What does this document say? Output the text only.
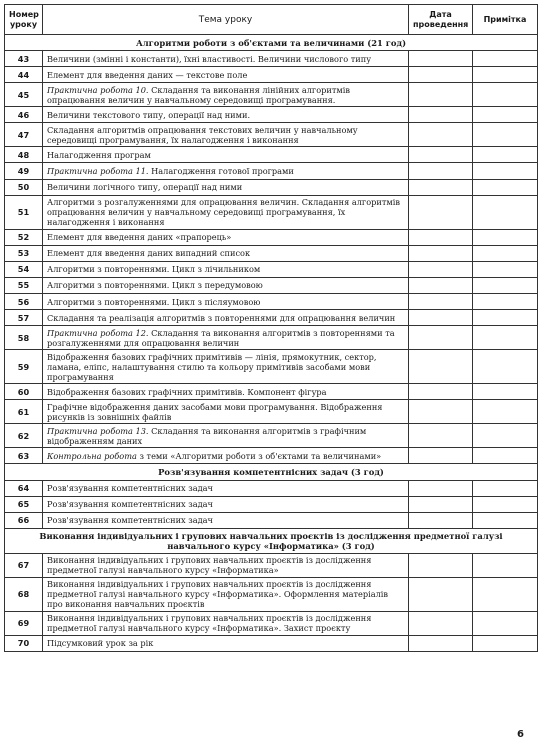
Номер уроку	Тема уроку	Дата проведення	Примітка
Алгоритми роботи з об'єктами та величинами (21 год)			
43	Величини (змінні і константи), їхні властивості. Величини числового типу		
44	Елемент для введення даних — текстове поле		
45	Практична робота 10. Складання та виконання лінійних алгоритмів опрацювання величин у навчальному середовищі програмування.		
46	Величини текстового типу, операції над ними.		
47	Складання алгоритмів опрацювання текстових величин у навчальному середовищі програмування, їх налагодження і виконання		
48	Налагодження програм		
49	Практична робота 11. Налагодження готової програми		
50	Величини логічного типу, операції над ними		
51	Алгоритми з розгалуженнями для опрацювання величин. Складання алгоритмів опрацювання величин у навчальному середовищі програмування, їх налагодження і виконання		
52	Елемент для введення даних «прапорець»		
53	Елемент для введення даних випадний список		
54	Алгоритми з повтореннями. Цикл з лічильником		
55	Алгоритми з повтореннями. Цикл з передумовою		
56	Алгоритми з повтореннями. Цикл з післяумовою		
57	Складання та реалізація алгоритмів з повтореннями для опрацювання величин		
58	Практична робота 12. Складання та виконання алгоритмів з повтореннями та розгалуженнями для опрацювання величин		
59	Відображення базових графічних примітивів — лінія, прямокутник, сектор, ламана, еліпс, налаштування стилю та кольору примітивів засобами мови програмування		
60	Відображення базових графічних примітивів. Компонент фігура		
61	Графічне відображення даних засобами мови програмування. Відображення рисунків із зовнішніх файлів		
62	Практична робота 13. Складання та виконання алгоритмів з графічним відображенням даних		
63	Контрольна робота з теми «Алгоритми роботи з об'єктами та величинами»		
Розв'язування компетентнісних задач (3 год)			
64	Розв'язування компетентнісних задач		
65	Розв'язування компетентнісних задач		
66	Розв'язування компетентнісних задач		
Виконання індивідуальних і групових навчальних проєктів із дослідження предметної галузі навчального курсу «Інформатика» (3 год)			
67	Виконання індивідуальних і групових навчальних проєктів із дослідження предметної галузі навчального курсу «Інформатика»		
68	Виконання індивідуальних і групових навчальних проєктів із дослідження предметної галузі навчального курсу «Інформатика». Оформлення матеріалів про виконання навчальних проєктів		
69	Виконання індивідуальних і групових навчальних проєктів із дослідження предметної галузі навчального курсу «Інформатика». Захист проєкту		
70	Підсумковий урок за рік		
6
